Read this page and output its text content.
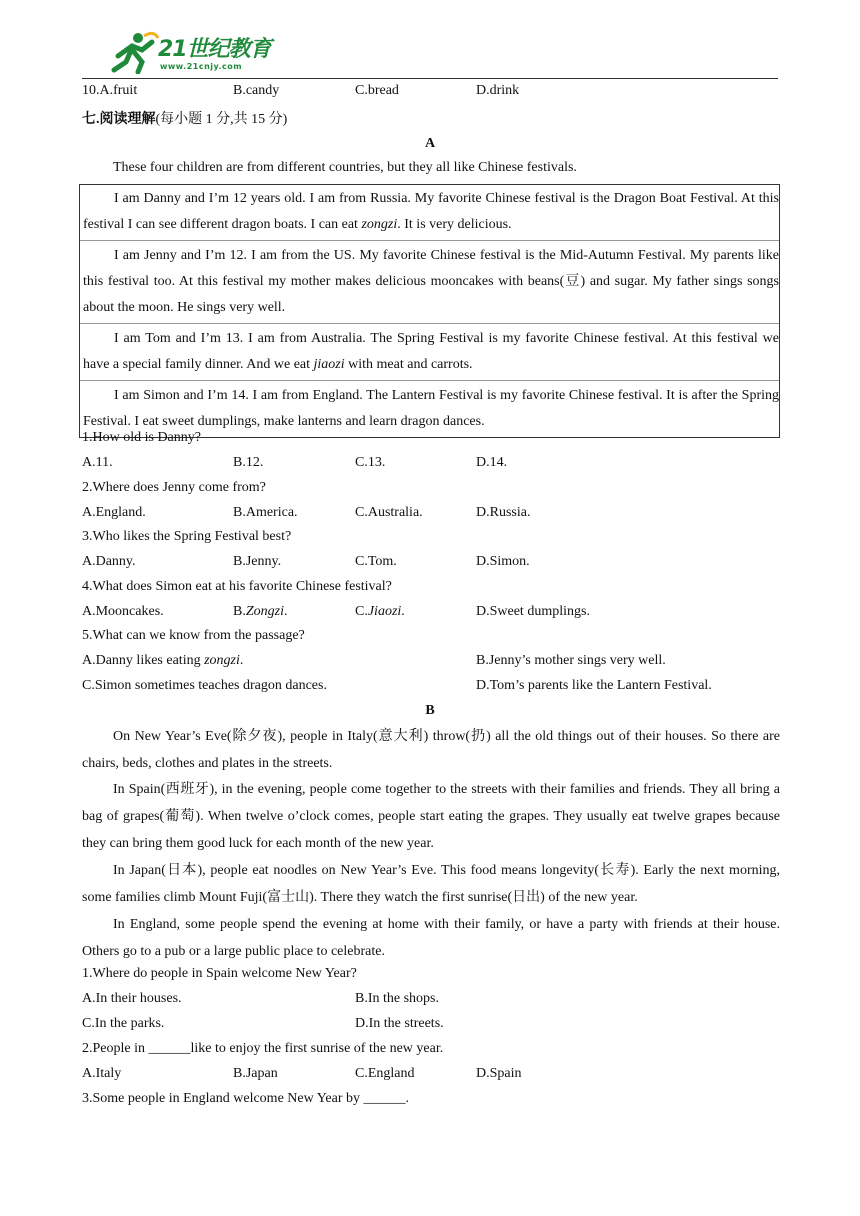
21世纪教育
www.21cnjy.com
10.A.fruit	B.candy	C.bread	D.drink
七.阅读理解(每小题 1 分,共 15 分)
A
These four children are from different countries, but they all like Chinese festivals.
I am Danny and I’m 12 years old. I am from Russia. My favorite Chinese festival is the Dragon Boat Festival. At this festival I can see different dragon boats. I can eat zongzi. It is very delicious.
I am Jenny and I’m 12. I am from the US. My favorite Chinese festival is the Mid-Autumn Festival. My parents like this festival too. At this festival my mother makes delicious mooncakes with beans(豆) and sugar. My father sings songs about the moon. He sings very well.
I am Tom and I’m 13. I am from Australia. The Spring Festival is my favorite Chinese festival. At this festival we have a special family dinner. And we eat jiaozi with meat and carrots.
I am Simon and I’m 14. I am from England. The Lantern Festival is my favorite Chinese festival. It is after the Spring Festival. I eat sweet dumplings, make lanterns and learn dragon dances.
1.How old is Danny?
A.11.	B.12.	C.13.	D.14.
2.Where does Jenny come from?
A.England.	B.America.	C.Australia.	D.Russia.
3.Who likes the Spring Festival best?
A.Danny.	B.Jenny.	C.Tom.	D.Simon.
4.What does Simon eat at his favorite Chinese festival?
A.Mooncakes.	B.Zongzi.	C.Jiaozi.	D.Sweet dumplings.
5.What can we know from the passage?
A.Danny likes eating zongzi.	B.Jenny’s mother sings very well.
C.Simon sometimes teaches dragon dances.	D.Tom’s parents like the Lantern Festival.
B
On New Year’s Eve(除夕夜), people in Italy(意大利) throw(扔) all the old things out of their houses. So there are chairs, beds, clothes and plates in the streets.
In Spain(西班牙), in the evening, people come together to the streets with their families and friends. They all bring a bag of grapes(葡萄). When twelve o’clock comes, people start eating the grapes. They usually eat twelve grapes because they can bring them good luck for each month of the new year.
In Japan(日本), people eat noodles on New Year’s Eve. This food means longevity(长寿). Early the next morning, some families climb Mount Fuji(富士山). There they watch the first sunrise(日出) of the new year.
In England, some people spend the evening at home with their family, or have a party with friends at their house. Others go to a pub or a large public place to celebrate.
1.Where do people in Spain welcome New Year?
A.In their houses.	B.In the shops.
C.In the parks.	D.In the streets.
2.People in ______like to enjoy the first sunrise of the new year.
A.Italy	B.Japan	C.England	D.Spain
3.Some people in England welcome New Year by ______.
